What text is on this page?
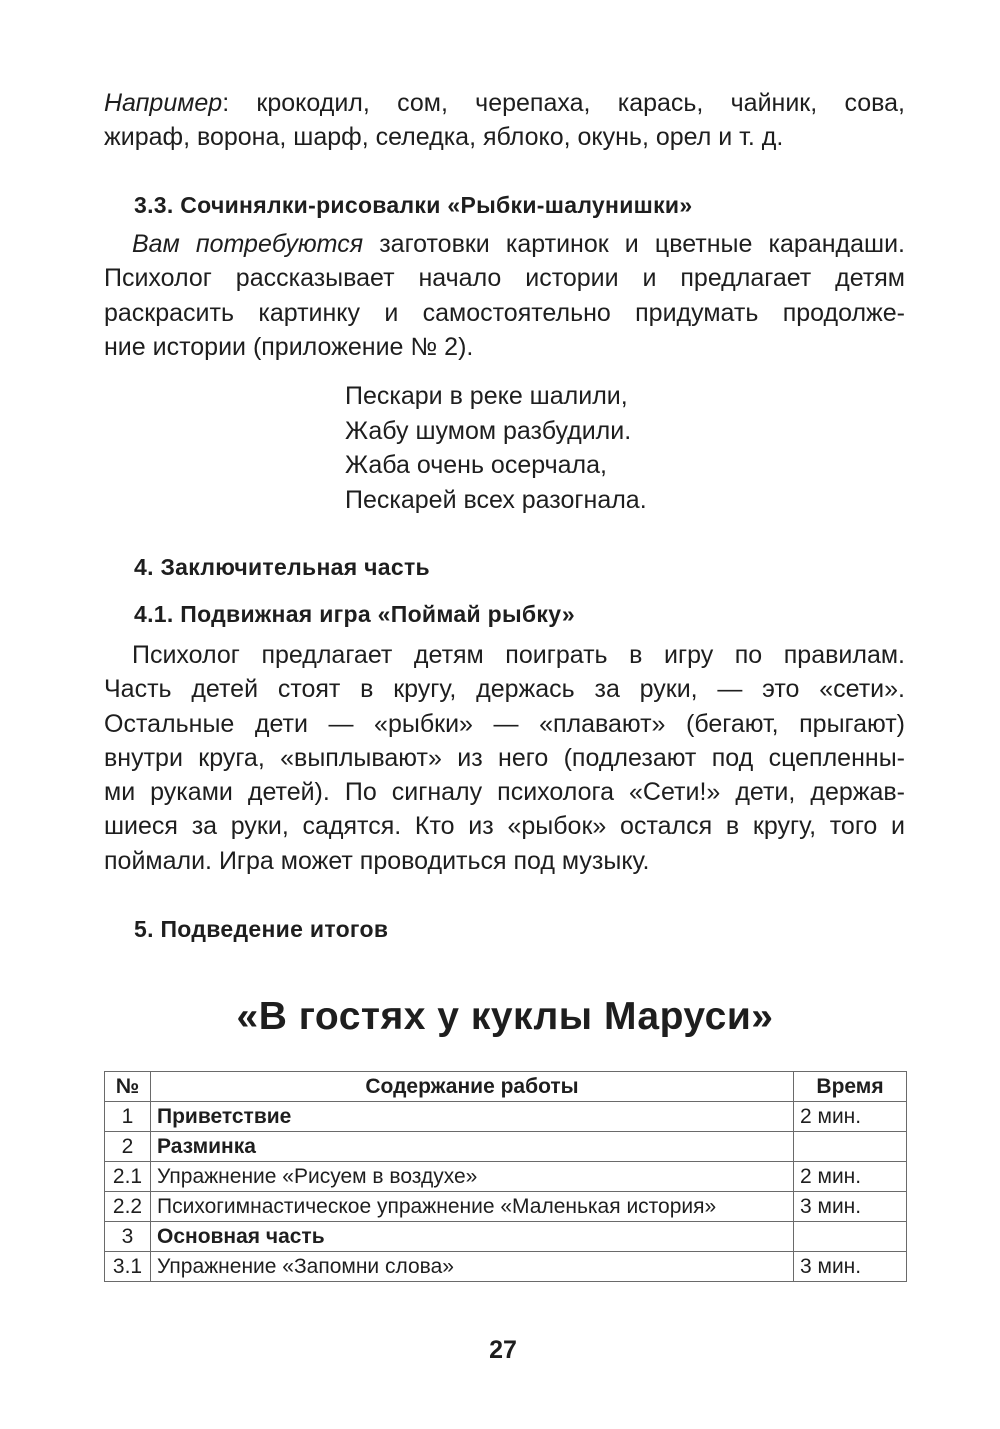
Например: крокодил, сом, черепаха, карась, чайник, сова,
жираф, ворона, шарф, селедка, яблоко, окунь, орел и т. д.

3.3. Сочинялки-рисовалки «Рыбки-шалунишки»

Вам потребуются заготовки картинок и цветные карандаши.
Психолог рассказывает начало истории и предлагает детям
раскрасить картинку и самостоятельно придумать продолже-
ние истории (приложение № 2).

Пескари в реке шалили,
Жабу шумом разбудили.
Жаба очень осерчала,
Пескарей всех разогнала.
4. Заключительная часть
4.1. Подвижная игра «Поймай рыбку»

Психолог предлагает детям поиграть в игру по правилам.
Часть детей стоят в кругу, держась за руки, — это «сети».
Остальные дети — «рыбки» — «плавают» (бегают, прыгают)
внутри круга, «выплывают» из него (подлезают под сцепленны-
ми руками детей). По сигналу психолога «Сети!» дети, держав-
шиеся за руки, садятся. Кто из «рыбок» остался в кругу, того и
поймали. Игра может проводиться под музыку.

5. Подведение итогов
«В гостях у куклы Маруси»
№	Содержание работы	Время
1	Приветствие	2 мин.
2	Разминка	
2.1	Упражнение «Рисуем в воздухе»	2 мин.
2.2	Психогимнастическое упражнение «Маленькая история»	3 мин.
3	Основная часть	
3.1	Упражнение «Запомни слова»	3 мин.

27
